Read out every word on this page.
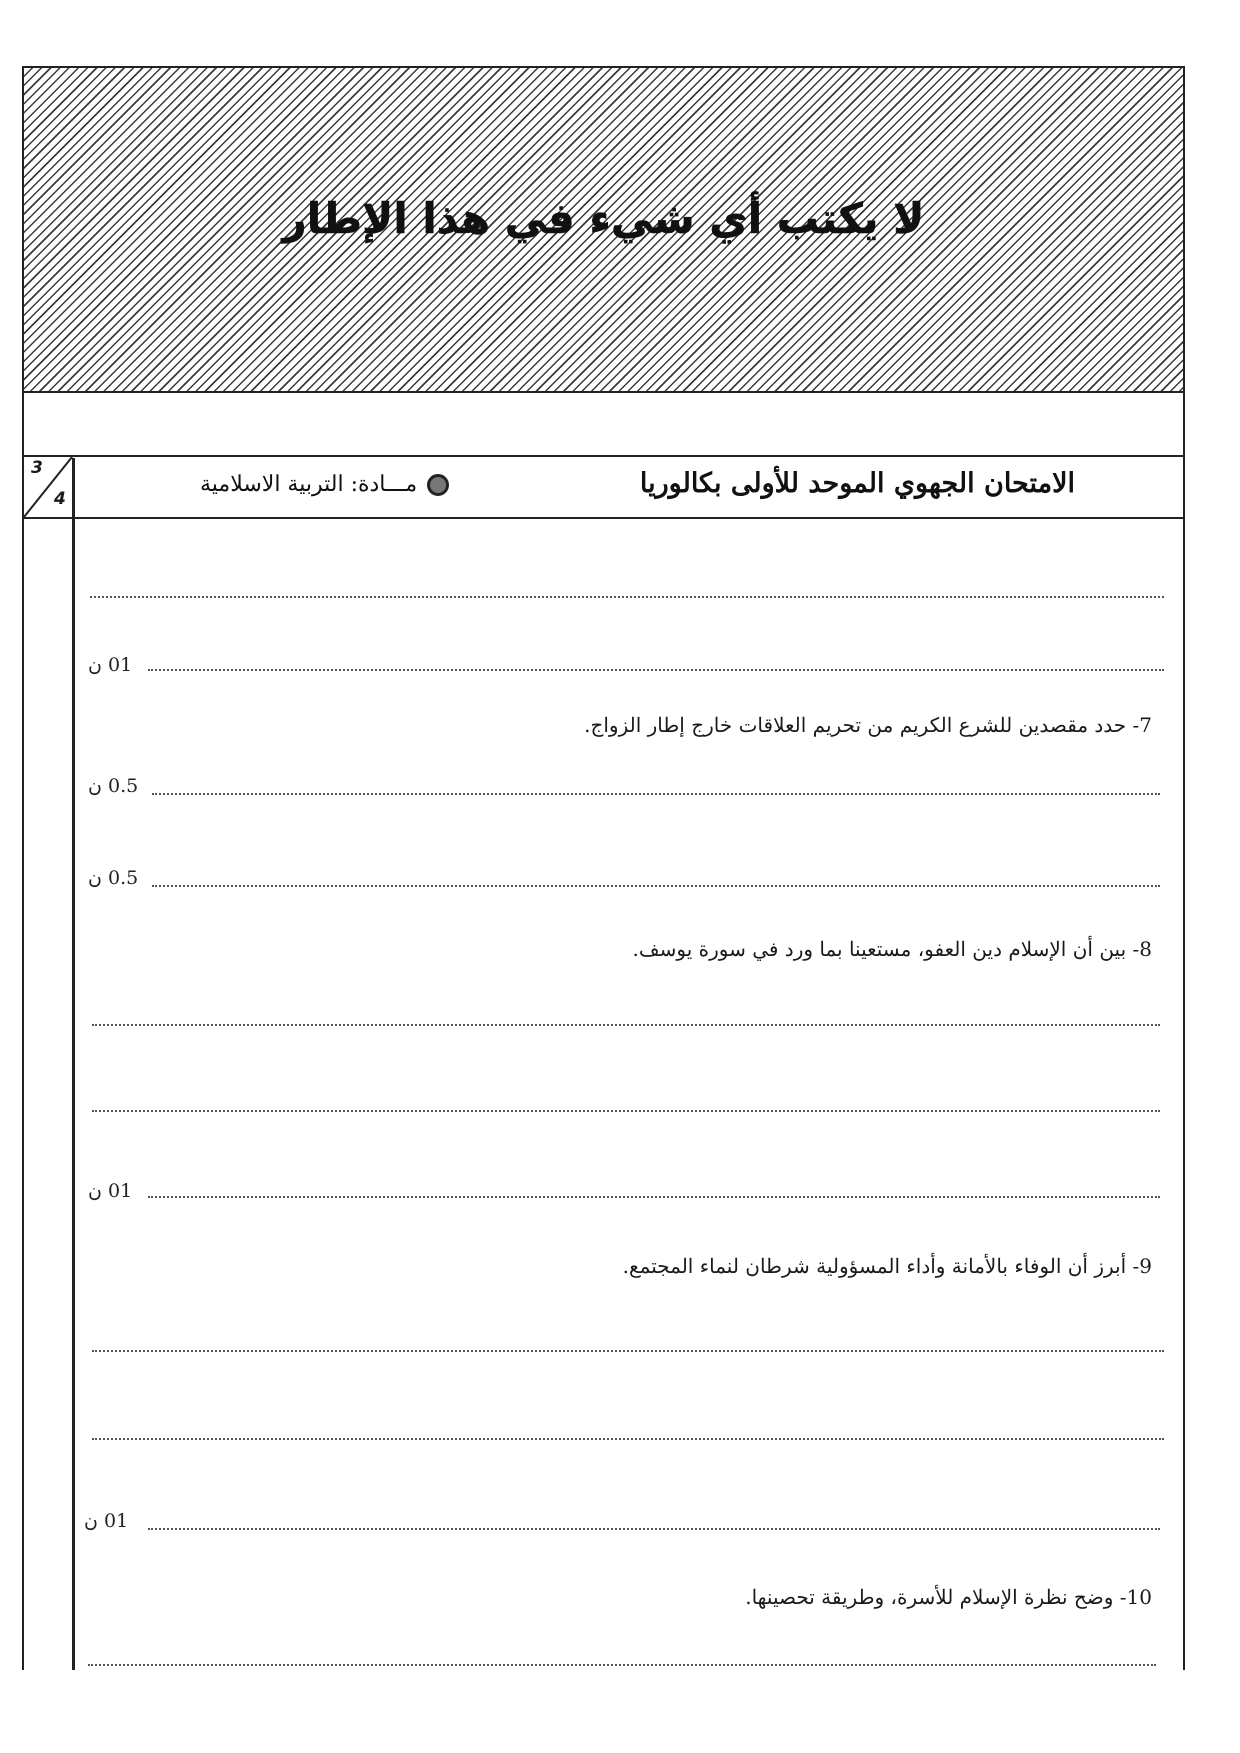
لا يكتب أي شيء في هذا الإطار
3
4	الامتحان الجهوي الموحد للأولى بكالوريا
مـــادة: التربية الاسلامية
01 ن
7- حدد مقصدين للشرع الكريم من تحريم العلاقات خارج إطار الزواج.
0.5 ن
0.5 ن
8- بين أن الإسلام دين العفو، مستعينا بما ورد في سورة يوسف.
01 ن
9- أبرز أن الوفاء بالأمانة وأداء المسؤولية شرطان لنماء المجتمع.
01 ن
10- وضح نظرة الإسلام للأسرة، وطريقة تحصينها.
